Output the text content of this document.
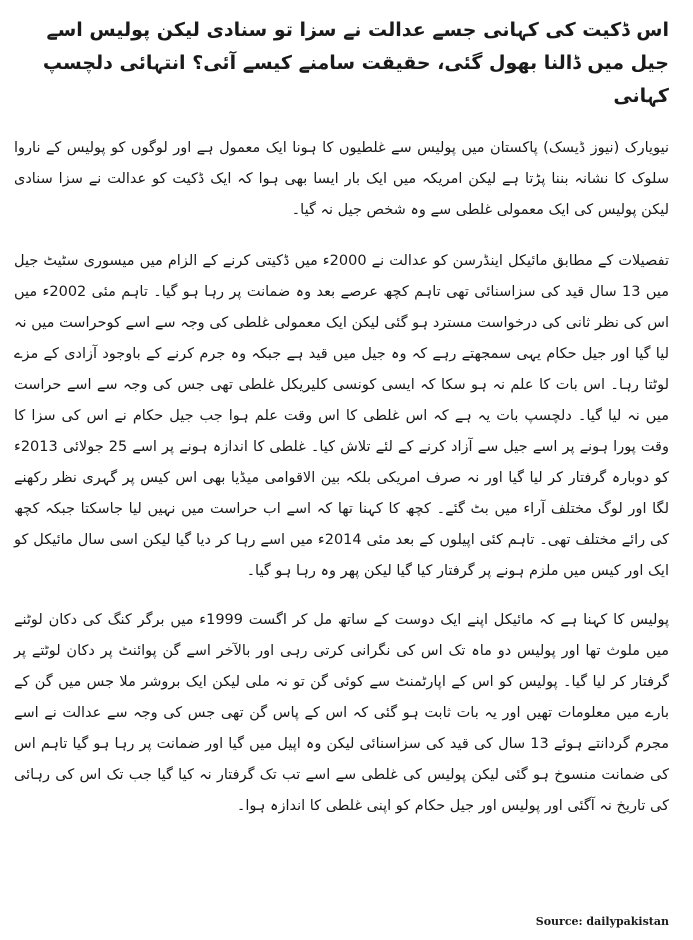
اس ڈکیت کی کہانی جسے عدالت نے سزا تو سنادی لیکن پولیس اسے جیل میں ڈالنا بھول گئی، حقیقت سامنے کیسے آئی؟ انتہائی دلچسپ کہانی

نیویارک (نیوز ڈیسک) پاکستان میں پولیس سے غلطیوں کا ہونا ایک معمول ہے اور لوگوں کو پولیس کے ناروا سلوک کا نشانہ بننا پڑتا ہے لیکن امریکہ میں ایک بار ایسا بھی ہوا کہ ایک ڈکیت کو عدالت نے سزا سنادی لیکن پولیس کی ایک معمولی غلطی سے وہ شخص جیل نہ گیا۔

تفصیلات کے مطابق مائیکل اینڈرسن کو عدالت نے 2000ء میں ڈکیتی کرنے کے الزام میں میسوری سٹیٹ جیل میں 13 سال قید کی سزاسنائی تھی تاہم کچھ عرصے بعد وہ ضمانت پر رہا ہو گیا۔ تاہم مئی 2002ء میں اس کی نظر ثانی کی درخواست مسترد ہو گئی لیکن ایک معمولی غلطی کی وجہ سے اسے کوحراست میں نہ لیا گیا اور جیل حکام یہی سمجھتے رہے کہ وہ جیل میں قید ہے جبکہ وہ جرم کرنے کے باوجود آزادی کے مزے لوٹتا رہا۔ اس بات کا علم نہ ہو سکا کہ ایسی کونسی کلیریکل غلطی تھی جس کی وجہ سے اسے حراست میں نہ لیا گیا۔ دلچسپ بات یہ ہے کہ اس غلطی کا اس وقت علم ہوا جب جیل حکام نے اس کی سزا کا وقت پورا ہونے پر اسے جیل سے آزاد کرنے کے لئے تلاش کیا۔ غلطی کا اندازہ ہونے پر اسے 25 جولائی 2013ء کو دوبارہ گرفتار کر لیا گیا اور نہ صرف امریکی بلکہ بین الاقوامی میڈیا بھی اس کیس پر گہری نظر رکھنے لگا اور لوگ مختلف آراء میں بٹ گئے۔ کچھ کا کہنا تھا کہ اسے اب حراست میں نہیں لیا جاسکتا جبکہ کچھ کی رائے مختلف تھی۔ تاہم کئی اپیلوں کے بعد مئی 2014ء میں اسے رہا کر دیا گیا لیکن اسی سال مائیکل کو ایک اور کیس میں ملزم ہونے پر گرفتار کیا گیا لیکن پھر وہ رہا ہو گیا۔

پولیس کا کہنا ہے کہ مائیکل اپنے ایک دوست کے ساتھ مل کر اگست 1999ء میں برگر کنگ کی دکان لوٹنے میں ملوث تھا اور پولیس دو ماہ تک اس کی نگرانی کرتی رہی اور بالآخر اسے گن پوائنٹ پر دکان لوٹتے پر گرفتار کر لیا گیا۔ پولیس کو اس کے اپارٹمنٹ سے کوئی گن تو نہ ملی لیکن ایک بروشر ملا جس میں گن کے بارے میں معلومات تھیں اور یہ بات ثابت ہو گئی کہ اس کے پاس گن تھی جس کی وجہ سے عدالت نے اسے مجرم گردانتے ہوئے 13 سال کی قید کی سزاسنائی لیکن وہ اپیل میں گیا اور ضمانت پر رہا ہو گیا تاہم اس کی ضمانت منسوخ ہو گئی لیکن پولیس کی غلطی سے اسے تب تک گرفتار نہ کیا گیا جب تک اس کی رہائی کی تاریخ نہ آگئی اور پولیس اور جیل حکام کو اپنی غلطی کا اندازہ ہوا۔

Source: dailypakistan
